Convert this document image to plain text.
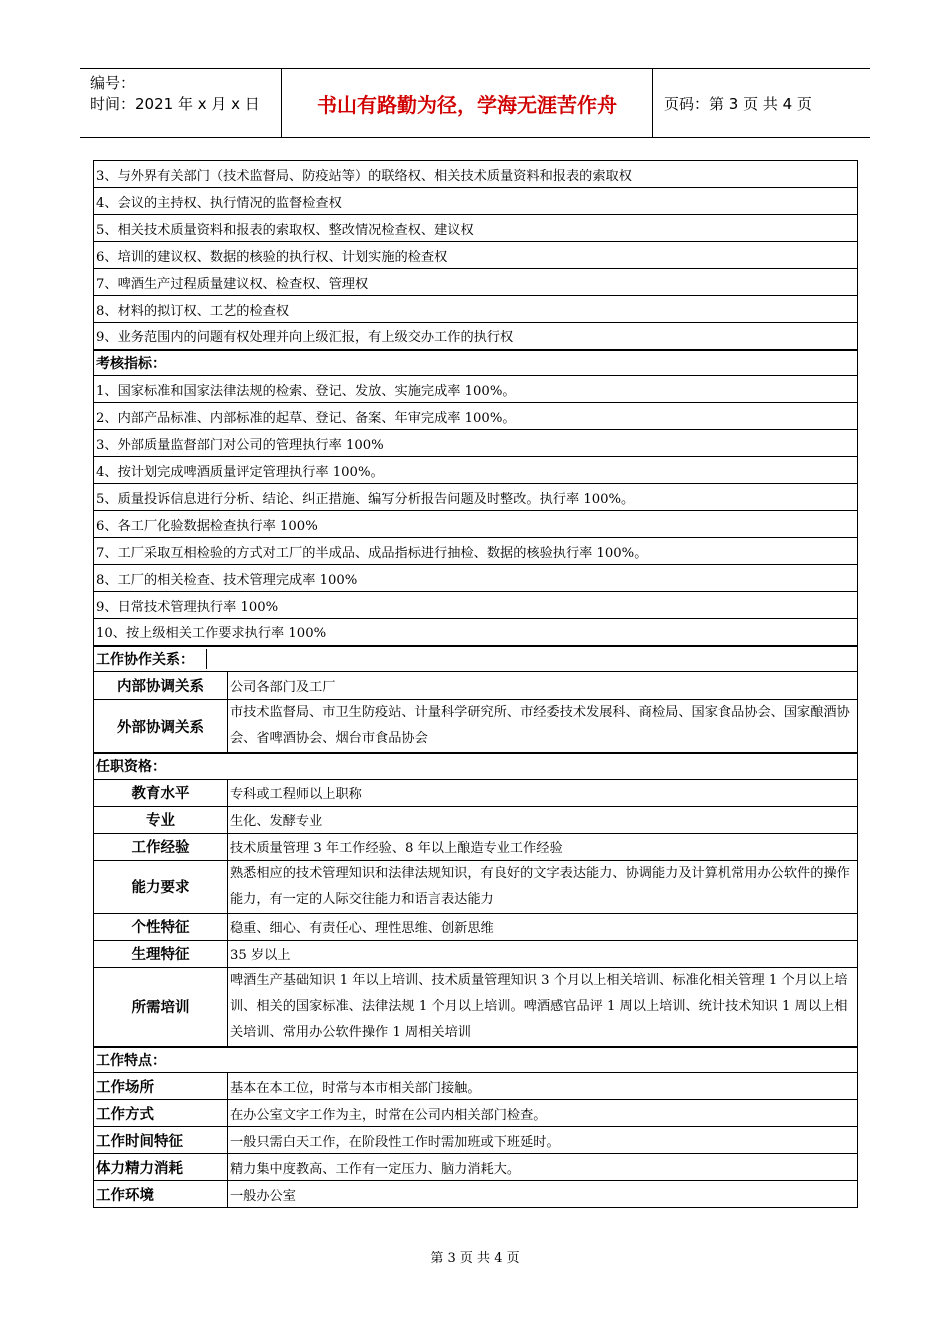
编号：
时间：2021 年 x 月 x 日	书山有路勤为径，学海无涯苦作舟	页码：第 3 页 共 4 页
3、与外界有关部门（技术监督局、防疫站等）的联络权、相关技术质量资料和报表的索取权	
4、会议的主持权、执行情况的监督检查权	
5、相关技术质量资料和报表的索取权、整改情况检查权、建议权	
6、培训的建议权、数据的核验的执行权、计划实施的检查权	
7、啤酒生产过程质量建议权、检查权、管理权	
8、材料的拟订权、工艺的检查权	
9、业务范围内的问题有权处理并向上级汇报，有上级交办工作的执行权	
考核指标：	
1、国家标准和国家法律法规的检索、登记、发放、实施完成率 100%。	
2、内部产品标准、内部标准的起草、登记、备案、年审完成率 100%。	
3、外部质量监督部门对公司的管理执行率 100%	
4、按计划完成啤酒质量评定管理执行率 100%。	
5、质量投诉信息进行分析、结论、纠正措施、编写分析报告问题及时整改。执行率 100%。	
6、各工厂化验数据检查执行率 100%	
7、工厂采取互相检验的方式对工厂的半成品、成品指标进行抽检、数据的核验执行率 100%。	
8、工厂的相关检查、技术管理完成率 100%	
9、日常技术管理执行率 100%	
10、按上级相关工作要求执行率 100%	
工作协作关系：	
内部协调关系	公司各部门及工厂
外部协调关系	市技术监督局、市卫生防疫站、计量科学研究所、市经委技术发展科、商检局、国家食品协会、国家酿酒协会、省啤酒协会、烟台市食品协会
任职资格：	
教育水平	专科或工程师以上职称
专业	生化、发酵专业
工作经验	技术质量管理 3 年工作经验、8 年以上酿造专业工作经验
能力要求	熟悉相应的技术管理知识和法律法规知识，有良好的文字表达能力、协调能力及计算机常用办公软件的操作能力，有一定的人际交往能力和语言表达能力
个性特征	稳重、细心、有责任心、理性思维、创新思维
生理特征	35 岁以上
所需培训	啤酒生产基础知识 1 年以上培训、技术质量管理知识 3 个月以上相关培训、标准化相关管理 1 个月以上培训、相关的国家标准、法律法规 1 个月以上培训。啤酒感官品评 1 周以上培训、统计技术知识 1 周以上相关培训、常用办公软件操作 1 周相关培训
工作特点：	
工作场所	基本在本工位，时常与本市相关部门接触。
工作方式	在办公室文字工作为主，时常在公司内相关部门检查。
工作时间特征	一般只需白天工作，在阶段性工作时需加班或下班延时。
体力精力消耗	精力集中度教高、工作有一定压力、脑力消耗大。
工作环境	一般办公室
第 3 页 共 4 页
